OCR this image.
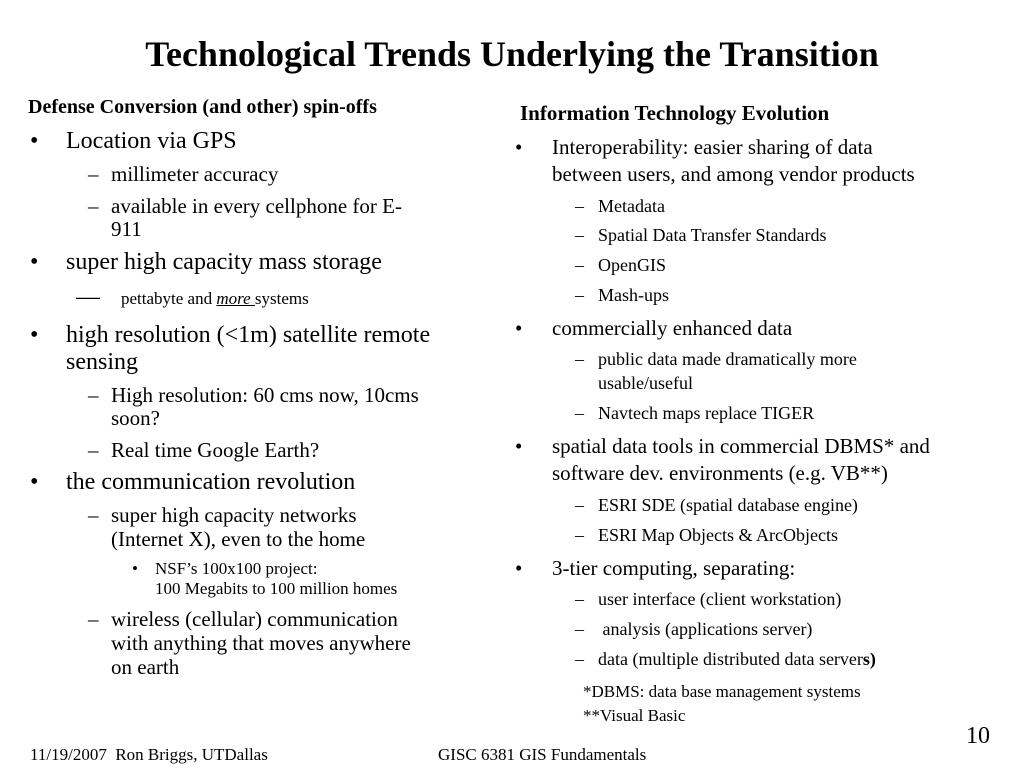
Technological Trends Underlying the Transition
Defense Conversion (and other) spin-offs
• Location via GPS
– millimeter accuracy
– available in every cellphone for E-
911
• super high capacity mass storage
— pettabyte and more systems
• high resolution (<1m) satellite remote
sensing
– High resolution: 60 cms now, 10cms
soon?
– Real time Google Earth?
• the communication revolution
– super high capacity networks
(Internet X), even to the home
• NSF’s 100x100 project:
100 Megabits to 100 million homes
– wireless (cellular) communication
with anything that moves anywhere
on earth
Information Technology Evolution
• Interoperability: easier sharing of data
between users, and among vendor products
– Metadata
– Spatial Data Transfer Standards
– OpenGIS
– Mash-ups
• commercially enhanced data
– public data made dramatically more
usable/useful
– Navtech maps replace TIGER
• spatial data tools in commercial DBMS* and
software dev. environments (e.g. VB**)
– ESRI SDE (spatial database engine)
– ESRI Map Objects & ArcObjects
• 3-tier computing, separating:
– user interface (client workstation)
– analysis (applications server)
– data (multiple distributed data servers)
*DBMS: data base management systems
**Visual Basic
10
11/19/2007  Ron Briggs, UTDallas	GISC 6381 GIS Fundamentals
